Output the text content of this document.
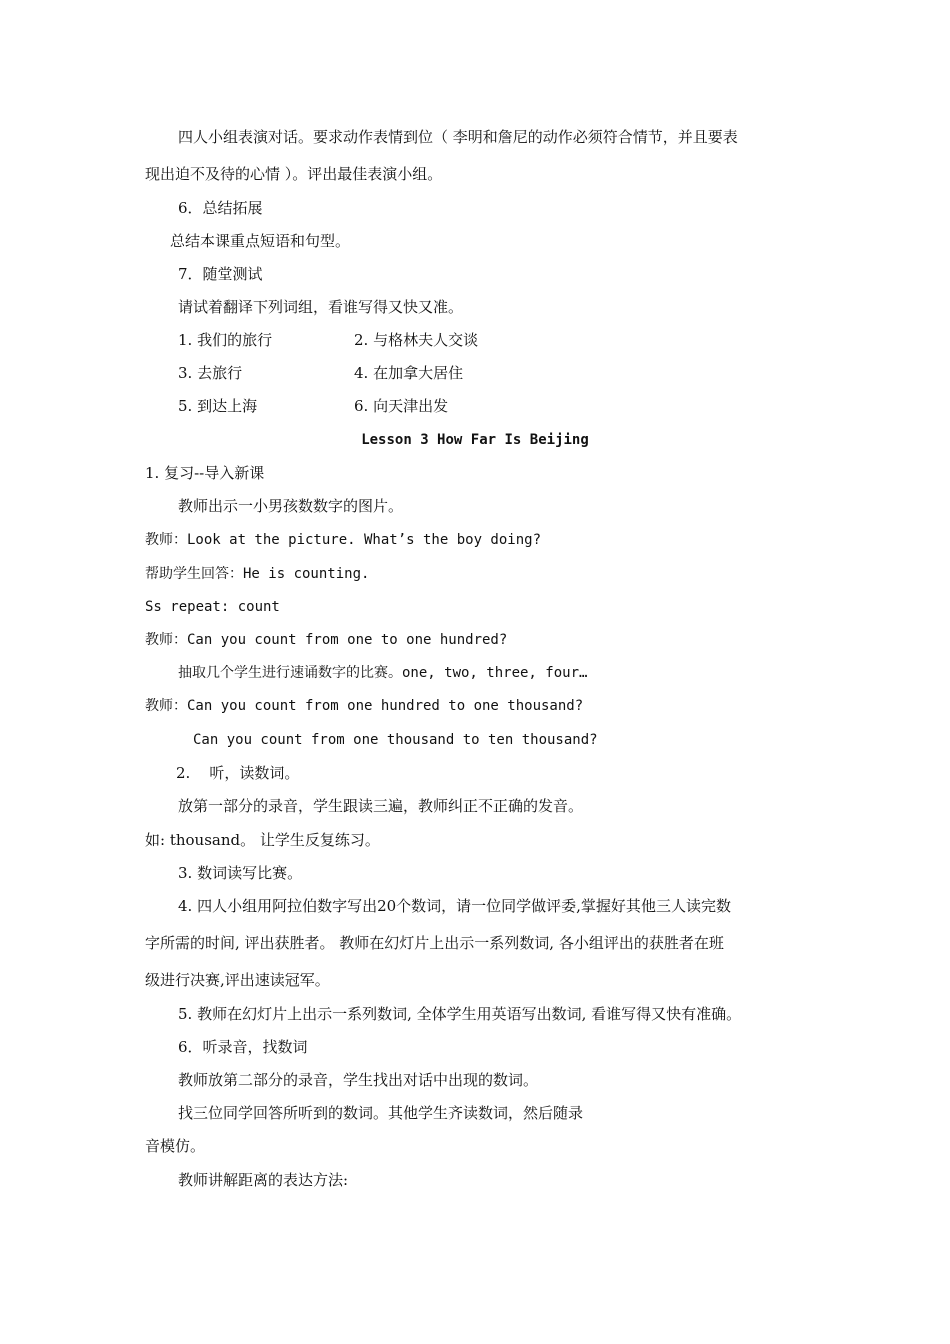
四人小组表演对话。要求动作表情到位（ 李明和詹尼的动作必须符合情节，并且要表
现出迫不及待的心情 ）。评出最佳表演小组。
6．总结拓展
总结本课重点短语和句型。
7．随堂测试
请试着翻译下列词组，看谁写得又快又准。
1. 我们的旅行	2. 与格林夫人交谈
3. 去旅行	4. 在加拿大居住
5. 到达上海	6. 向天津出发
Lesson 3 How Far Is Beijing
1. 复习--导入新课
教师出示一小男孩数数字的图片。
教师：Look at the picture. What’s the boy doing?
帮助学生回答：He is counting.
Ss repeat: count
教师：Can you count from one to one hundred?
抽取几个学生进行速诵数字的比赛。one, two, three, four…
教师：Can you count from one hundred to one thousand?
Can you count from one thousand to ten thousand?
2.    听，读数词。
放第一部分的录音，学生跟读三遍，教师纠正不正确的发音。
如: thousand。 让学生反复练习。
3. 数词读写比赛。
4. 四人小组用阿拉伯数字写出20个数词，请一位同学做评委,掌握好其他三人读完数
字所需的时间, 评出获胜者。 教师在幻灯片上出示一系列数词, 各小组评出的获胜者在班
级进行决赛,评出速读冠军。
5. 教师在幻灯片上出示一系列数词, 全体学生用英语写出数词, 看谁写得又快有准确。
6．听录音，找数词
教师放第二部分的录音，学生找出对话中出现的数词。
找三位同学回答所听到的数词。其他学生齐读数词，然后随录
音模仿。
教师讲解距离的表达方法:
